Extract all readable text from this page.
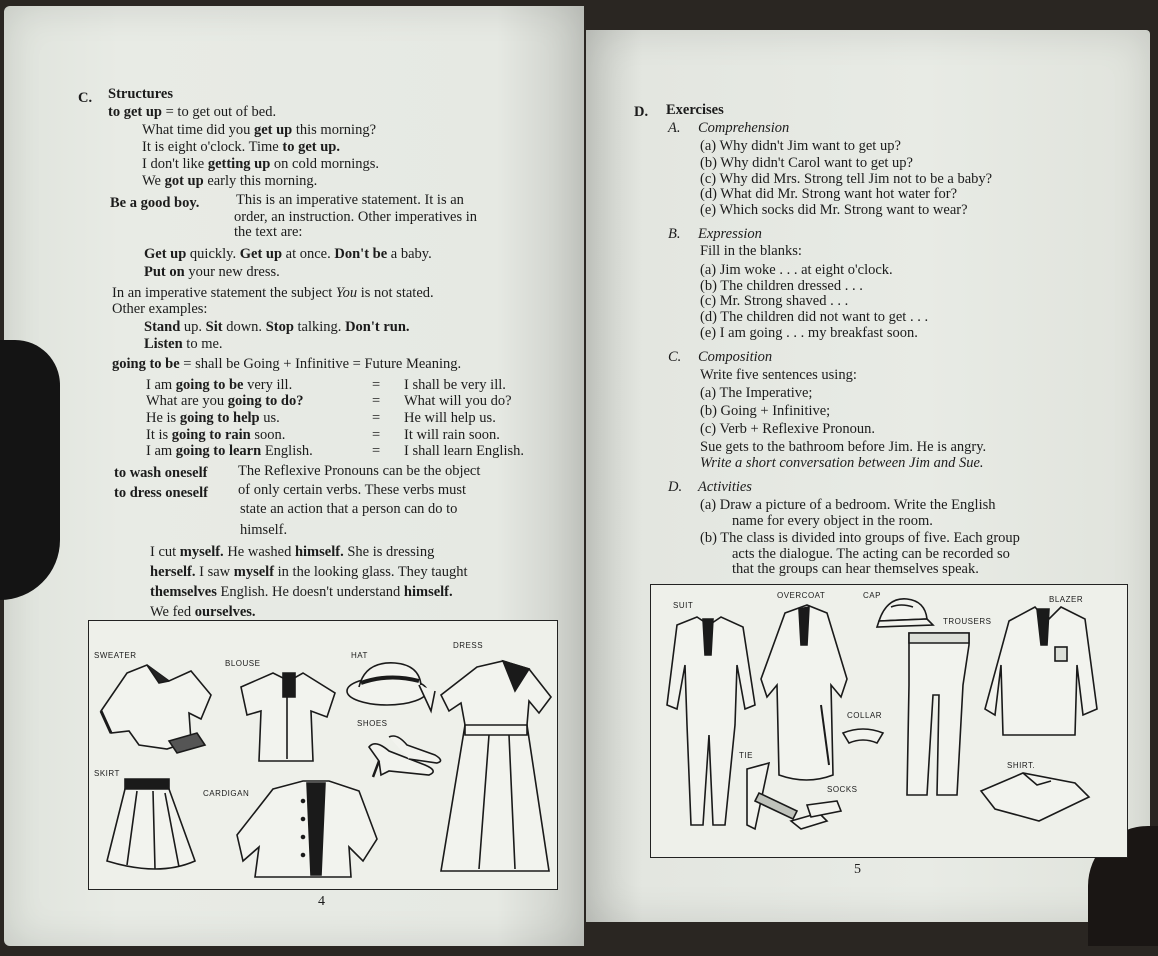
C. Structures
to get up = to get out of bed.
What time did you get up this morning?
It is eight o'clock. Time to get up.
I don't like getting up on cold mornings.
We got up early this morning.
Be a good boy.	This is an imperative statement. It is an
order, an instruction. Other imperatives in
the text are:
Get up quickly. Get up at once. Don't be a baby.
Put on your new dress.
In an imperative statement the subject You is not stated.
Other examples:
Stand up. Sit down. Stop talking. Don't run.
Listen to me.
going to be = shall be Going + Infinitive = Future Meaning.
I am going to be very ill.	= I shall be very ill.
What are you going to do?	= What will you do?
He is going to help us.	= He will help us.
It is going to rain soon.	= It will rain soon.
I am going to learn English.	= I shall learn English.
to wash oneself
to dress oneself
The Reflexive Pronouns can be the object
of only certain verbs. These verbs must
state an action that a person can do to
himself.
I cut myself. He washed himself. She is dressing
herself. I saw myself in the looking glass. They taught
themselves English. He doesn't understand himself.
We fed ourselves.
SWEATER
BLOUSE
HAT
DRESS
SHOES
SKIRT
CARDIGAN
4
D. Exercises
A. Comprehension
(a) Why didn't Jim want to get up?
(b) Why didn't Carol want to get up?
(c) Why did Mrs. Strong tell Jim not to be a baby?
(d) What did Mr. Strong want hot water for?
(e) Which socks did Mr. Strong want to wear?
B. Expression
Fill in the blanks:
(a) Jim woke . . . at eight o'clock.
(b) The children dressed . . .
(c) Mr. Strong shaved . . .
(d) The children did not want to get . . .
(e) I am going . . . my breakfast soon.
C. Composition
Write five sentences using:
(a) The Imperative;
(b) Going + Infinitive;
(c) Verb + Reflexive Pronoun.
Sue gets to the bathroom before Jim. He is angry.
Write a short conversation between Jim and Sue.
D. Activities
(a) Draw a picture of a bedroom. Write the English
name for every object in the room.
(b) The class is divided into groups of five. Each group
acts the dialogue. The acting can be recorded so
that the groups can hear themselves speak.
SUIT
OVERCOAT	CAP	BLAZER
TROUSERS
COLLAR
TIE
SOCKS
SHIRT.
5
